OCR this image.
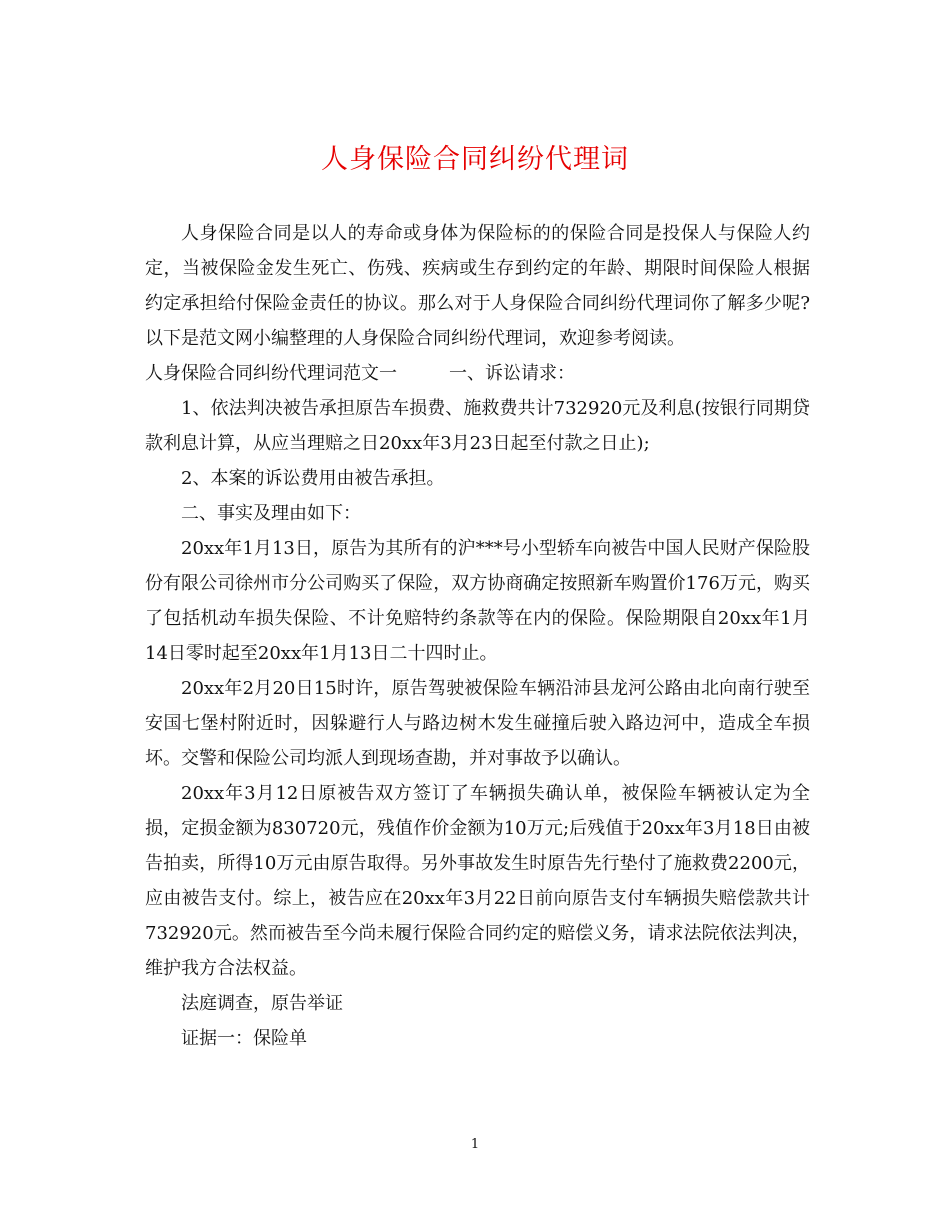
人身保险合同纠纷代理词

人身保险合同是以人的寿命或身体为保险标的的保险合同是投保人与保险人约定，当被保险金发生死亡、伤残、疾病或生存到约定的年龄、期限时间保险人根据约定承担给付保险金责任的协议。那么对于人身保险合同纠纷代理词你了解多少呢?以下是范文网小编整理的人身保险合同纠纷代理词，欢迎参考阅读。

人身保险合同纠纷代理词范文一	一、诉讼请求：

1、依法判决被告承担原告车损费、施救费共计732920元及利息(按银行同期贷款利息计算，从应当理赔之日20xx年3月23日起至付款之日止);

2、本案的诉讼费用由被告承担。

二、事实及理由如下：

20xx年1月13日，原告为其所有的沪***号小型轿车向被告中国人民财产保险股份有限公司徐州市分公司购买了保险，双方协商确定按照新车购置价176万元，购买了包括机动车损失保险、不计免赔特约条款等在内的保险。保险期限自20xx年1月14日零时起至20xx年1月13日二十四时止。

20xx年2月20日15时许，原告驾驶被保险车辆沿沛县龙河公路由北向南行驶至安国七堡村附近时，因躲避行人与路边树木发生碰撞后驶入路边河中，造成全车损坏。交警和保险公司均派人到现场查勘，并对事故予以确认。

20xx年3月12日原被告双方签订了车辆损失确认单，被保险车辆被认定为全损，定损金额为830720元，残值作价金额为10万元;后残值于20xx年3月18日由被告拍卖，所得10万元由原告取得。另外事故发生时原告先行垫付了施救费2200元，应由被告支付。综上，被告应在20xx年3月22日前向原告支付车辆损失赔偿款共计732920元。然而被告至今尚未履行保险合同约定的赔偿义务，请求法院依法判决，维护我方合法权益。

法庭调查，原告举证

证据一：保险单

1
